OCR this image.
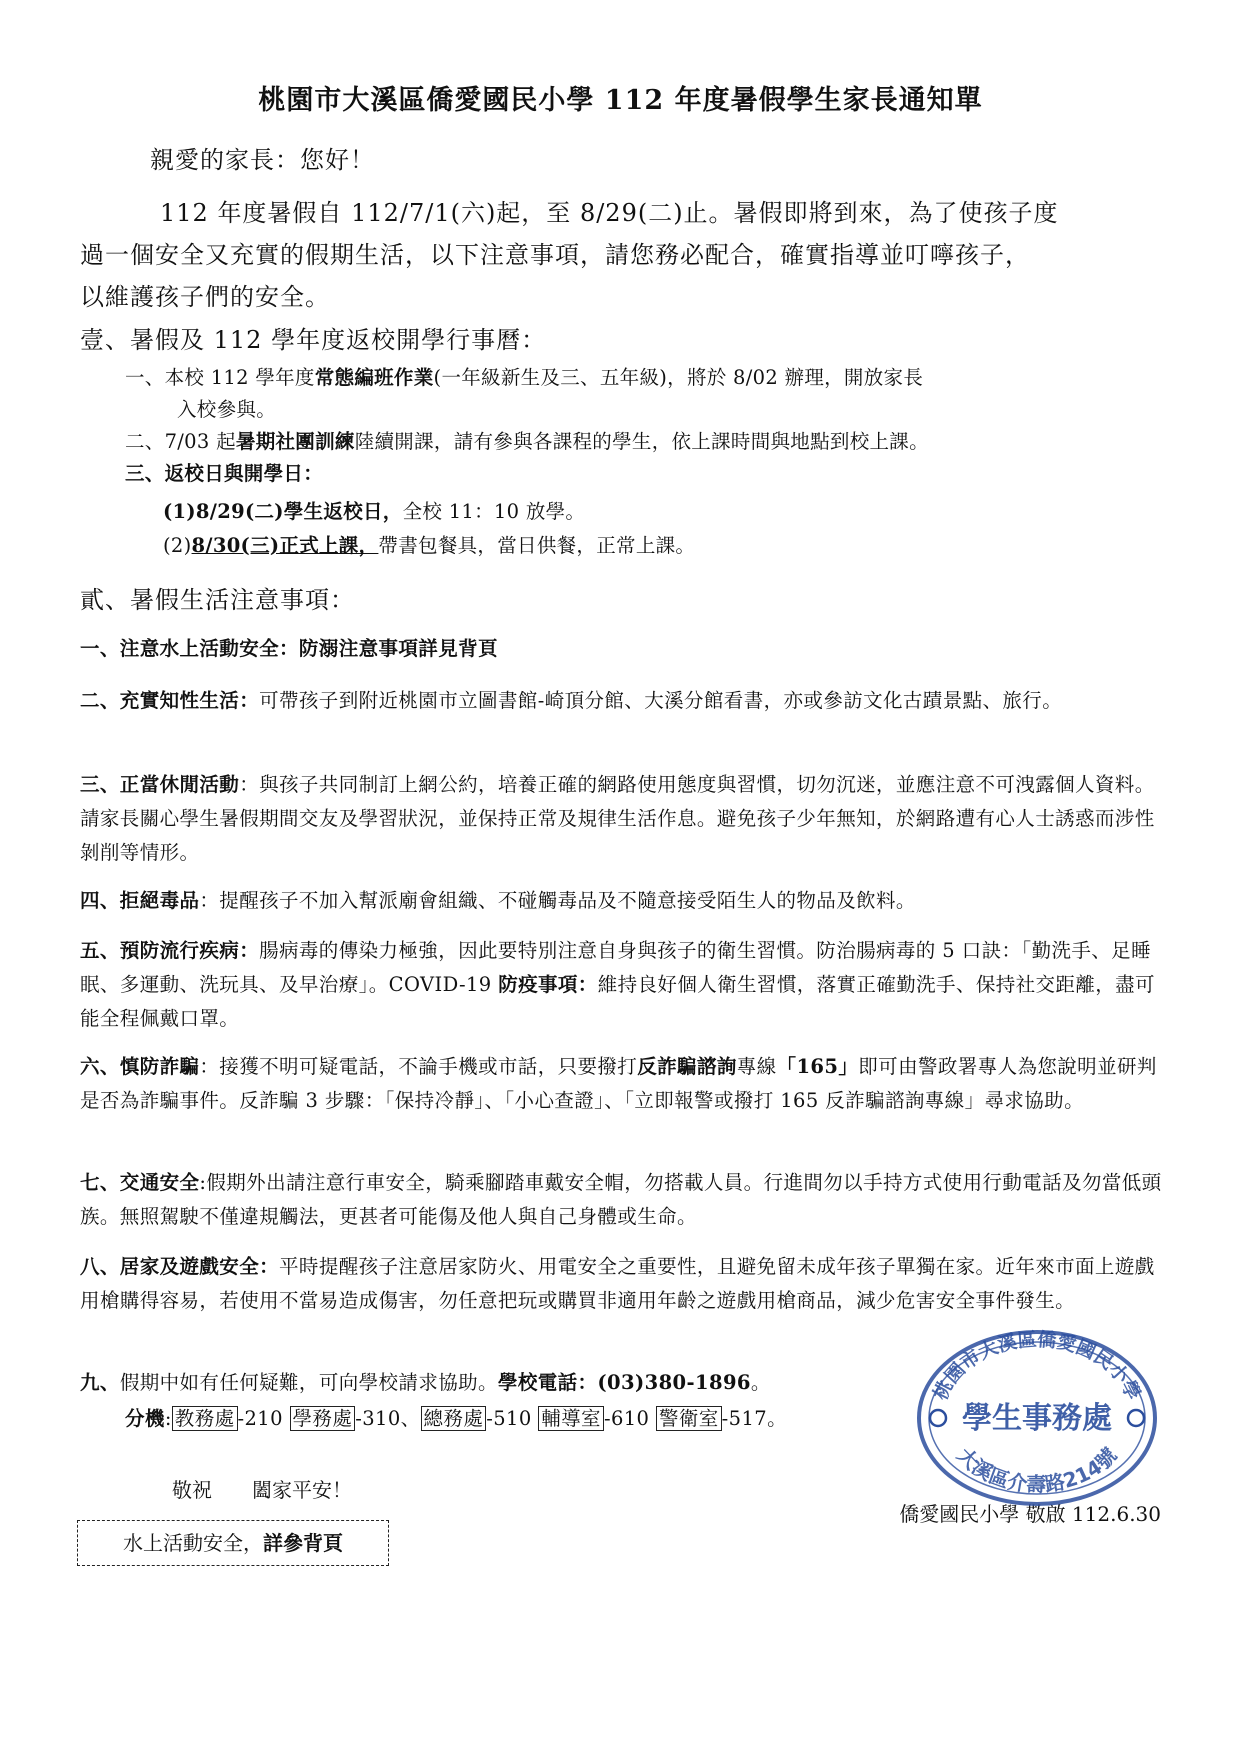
桃園市大溪區僑愛國民小學 112 年度暑假學生家長通知單
親愛的家長：您好！
112 年度暑假自 112/7/1(六)起，至 8/29(二)止。暑假即將到來，為了使孩子度
過一個安全又充實的假期生活，以下注意事項，請您務必配合，確實指導並叮嚀孩子，
以維護孩子們的安全。
壹、暑假及 112 學年度返校開學行事曆：
一、本校 112 學年度常態編班作業(一年級新生及三、五年級)，將於 8/02 辦理，開放家長
入校參與。
二、7/03 起暑期社團訓練陸續開課，請有參與各課程的學生，依上課時間與地點到校上課。
三、返校日與開學日：
(1)8/29(二)學生返校日，全校 11：10 放學。
(2)8/30(三)正式上課，帶書包餐具，當日供餐，正常上課。
貳、暑假生活注意事項：
一、注意水上活動安全：防溺注意事項詳見背頁
二、充實知性生活：可帶孩子到附近桃園市立圖書館-崎頂分館、大溪分館看書，亦或參訪文化古蹟景點、旅行。
三、正當休閒活動：與孩子共同制訂上網公約，培養正確的網路使用態度與習慣，切勿沉迷，並應注意不可洩露個人資料。請家長關心學生暑假期間交友及學習狀況，並保持正常及規律生活作息。避免孩子少年無知，於網路遭有心人士誘惑而涉性剝削等情形。
四、拒絕毒品：提醒孩子不加入幫派廟會組織、不碰觸毒品及不隨意接受陌生人的物品及飲料。
五、預防流行疾病：腸病毒的傳染力極強，因此要特別注意自身與孩子的衛生習慣。防治腸病毒的 5 口訣：「勤洗手、足睡眠、多運動、洗玩具、及早治療」。COVID-19 防疫事項：維持良好個人衛生習慣，落實正確勤洗手、保持社交距離，盡可能全程佩戴口罩。
六、慎防詐騙：接獲不明可疑電話，不論手機或市話，只要撥打反詐騙諮詢專線「165」即可由警政署專人為您說明並研判是否為詐騙事件。反詐騙 3 步驟：「保持冷靜」、「小心查證」、「立即報警或撥打 165 反詐騙諮詢專線」尋求協助。
七、交通安全:假期外出請注意行車安全，騎乘腳踏車戴安全帽，勿搭載人員。行進間勿以手持方式使用行動電話及勿當低頭族。無照駕駛不僅違規觸法，更甚者可能傷及他人與自己身體或生命。
八、居家及遊戲安全：平時提醒孩子注意居家防火、用電安全之重要性，且避免留未成年孩子單獨在家。近年來市面上遊戲用槍購得容易，若使用不當易造成傷害，勿任意把玩或購買非適用年齡之遊戲用槍商品，減少危害安全事件發生。
九、假期中如有任何疑難，可向學校請求協助。學校電話：(03)380-1896。
分機: 教務處 -210 學務處 -310、 總務處 -510 輔導室 -610 警衛室 -517。
敬祝 闔家平安！
僑愛國民小學 敬啟 112.6.30
水上活動安全，詳參背頁
桃園市大溪區僑愛國民小學
大溪區介壽路214號
學生事務處
